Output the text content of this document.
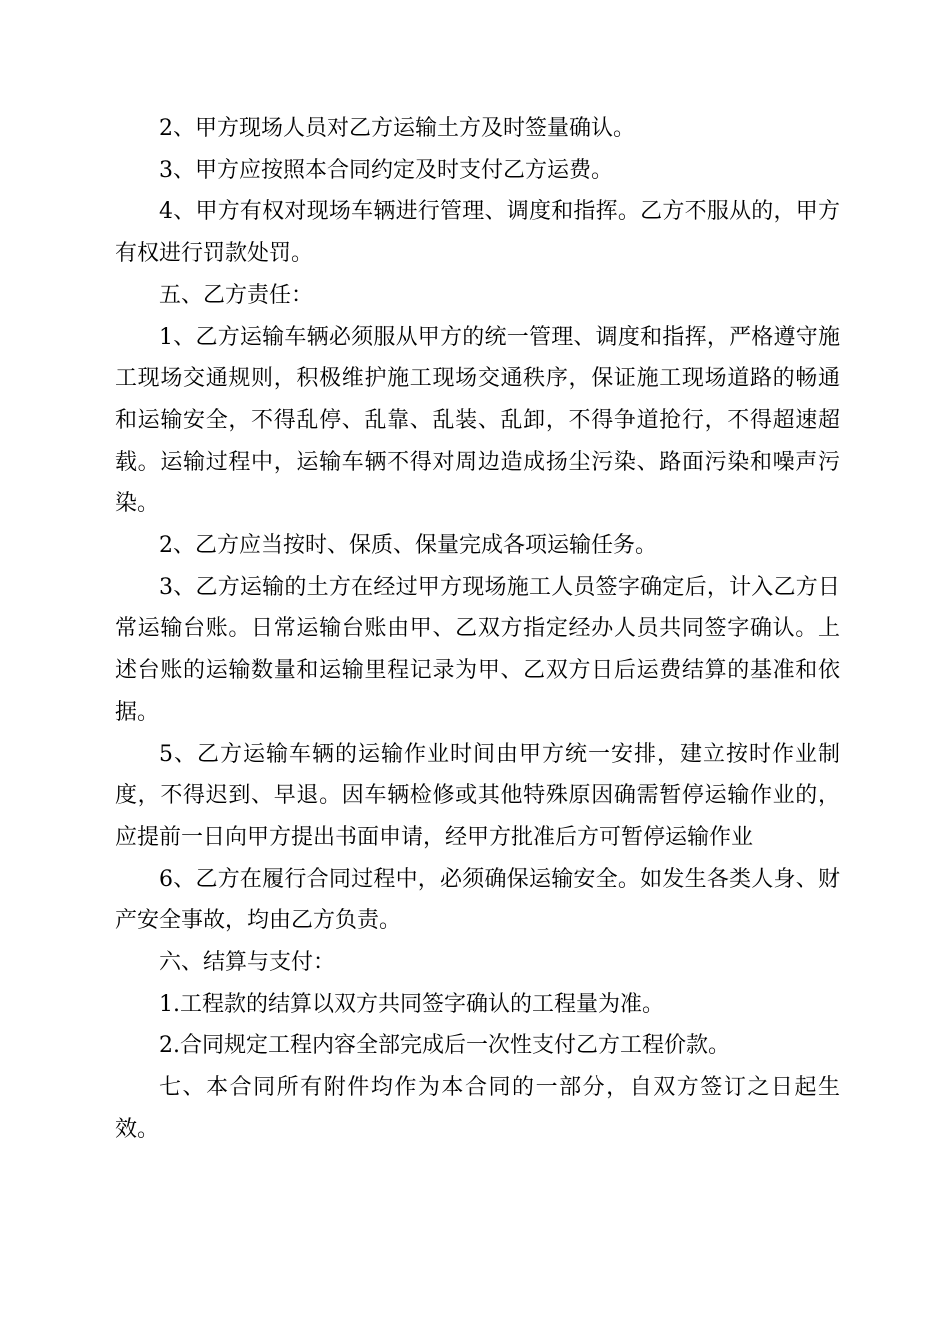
2、甲方现场人员对乙方运输土方及时签量确认。

3、甲方应按照本合同约定及时支付乙方运费。

4、甲方有权对现场车辆进行管理、调度和指挥。乙方不服从的，甲方有权进行罚款处罚。

五、乙方责任：

1、乙方运输车辆必须服从甲方的统一管理、调度和指挥，严格遵守施工现场交通规则，积极维护施工现场交通秩序，保证施工现场道路的畅通和运输安全，不得乱停、乱靠、乱装、乱卸，不得争道抢行，不得超速超载。运输过程中，运输车辆不得对周边造成扬尘污染、路面污染和噪声污染。

2、乙方应当按时、保质、保量完成各项运输任务。

3、乙方运输的土方在经过甲方现场施工人员签字确定后，计入乙方日常运输台账。日常运输台账由甲、乙双方指定经办人员共同签字确认。上述台账的运输数量和运输里程记录为甲、乙双方日后运费结算的基准和依据。

5、乙方运输车辆的运输作业时间由甲方统一安排，建立按时作业制度，不得迟到、早退。因车辆检修或其他特殊原因确需暂停运输作业的，应提前一日向甲方提出书面申请，经甲方批准后方可暂停运输作业

6、乙方在履行合同过程中，必须确保运输安全。如发生各类人身、财产安全事故，均由乙方负责。

六、结算与支付：

1.工程款的结算以双方共同签字确认的工程量为准。

2.合同规定工程内容全部完成后一次性支付乙方工程价款。

七、本合同所有附件均作为本合同的一部分，自双方签订之日起生效。
